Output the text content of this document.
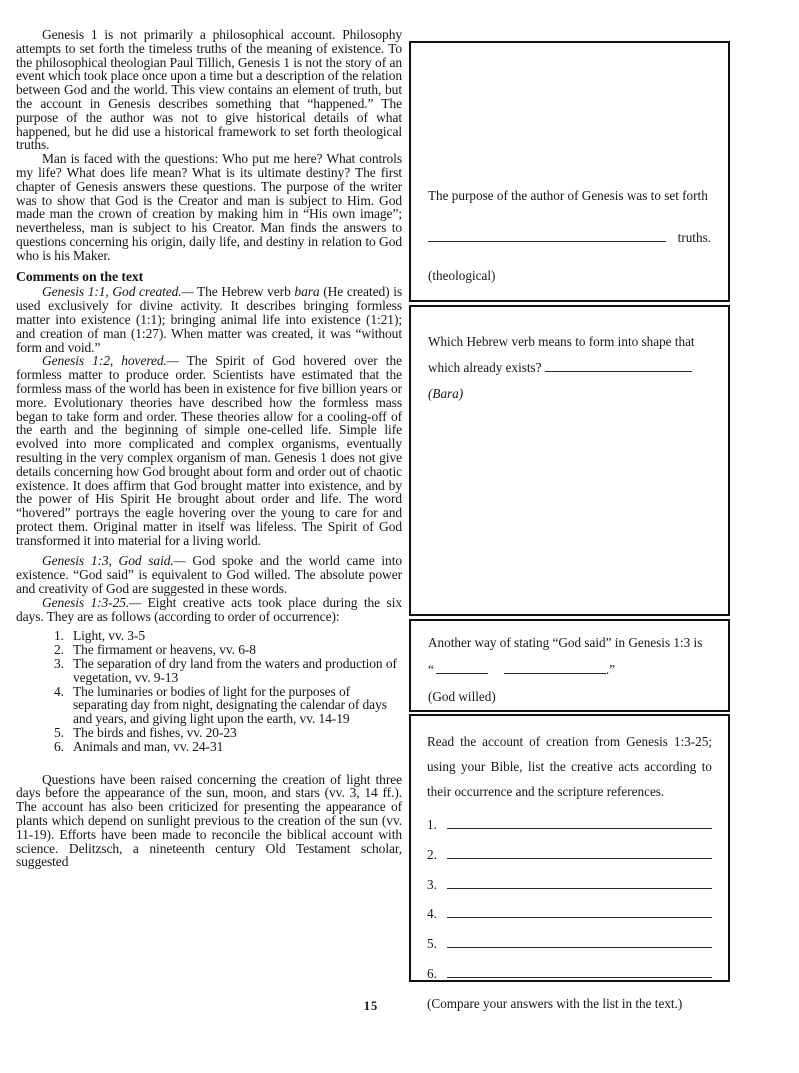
Genesis 1 is not primarily a philosophical account. Philosophy attempts to set forth the timeless truths of the meaning of existence. To the philosophical theologian Paul Tillich, Genesis 1 is not the story of an event which took place once upon a time but a description of the relation between God and the world. This view contains an element of truth, but the account in Genesis describes something that “happened.” The purpose of the author was not to give historical details of what happened, but he did use a historical framework to set forth theological truths.

Man is faced with the questions: Who put me here? What controls my life? What does life mean? What is its ultimate destiny? The first chapter of Genesis answers these questions. The purpose of the writer was to show that God is the Creator and man is subject to Him. God made man the crown of creation by making him in “His own image”; nevertheless, man is subject to his Creator. Man finds the answers to questions concerning his origin, daily life, and destiny in relation to God who is his Maker.

Comments on the text

Genesis 1:1, God created.— The Hebrew verb bara (He created) is used exclusively for divine activity. It describes bringing formless matter into existence (1:1); bringing animal life into existence (1:21); and creation of man (1:27). When matter was created, it was “without form and void.”

Genesis 1:2, hovered.— The Spirit of God hovered over the formless matter to produce order. Scientists have estimated that the formless mass of the world has been in existence for five billion years or more. Evolutionary theories have described how the formless mass began to take form and order. These theories allow for a cooling-off of the earth and the beginning of simple one-celled life. Simple life evolved into more complicated and complex organisms, eventually resulting in the very complex organism of man. Genesis 1 does not give details concerning how God brought about form and order out of chaotic existence. It does affirm that God brought matter into existence, and by the power of His Spirit He brought about order and life. The word “hovered” portrays the eagle hovering over the young to care for and protect them. Original matter in itself was lifeless. The Spirit of God transformed it into material for a living world.

Genesis 1:3, God said.— God spoke and the world came into existence. “God said” is equivalent to God willed. The absolute power and creativity of God are suggested in these words.

Genesis 1:3-25.— Eight creative acts took place during the six days. They are as follows (according to order of occurrence):

1. Light, vv. 3-5
2. The firmament or heavens, vv. 6-8
3. The separation of dry land from the waters and production of vegetation, vv. 9-13
4. The luminaries or bodies of light for the purposes of separating day from night, designating the calendar of days and years, and giving light upon the earth, vv. 14-19
5. The birds and fishes, vv. 20-23
6. Animals and man, vv. 24-31

Questions have been raised concerning the creation of light three days before the appearance of the sun, moon, and stars (vv. 3, 14 ff.). The account has also been criticized for presenting the appearance of plants which depend on sunlight previous to the creation of the sun (vv. 11-19). Efforts have been made to reconcile the biblical account with science. Delitzsch, a nineteenth century Old Testament scholar, suggested

The purpose of the author of Genesis was to set forth
truths.
(theological)
Which Hebrew verb means to form into shape that which already exists?
(Bara)
Another way of stating “God said” in Genesis 1:3 is
“	.”
(God willed)
Read the account of creation from Genesis 1:3-25; using your Bible, list the creative acts according to their occurrence and the scripture references.
1.
2.
3.
4.
5.
6.
(Compare your answers with the list in the text.)
15
